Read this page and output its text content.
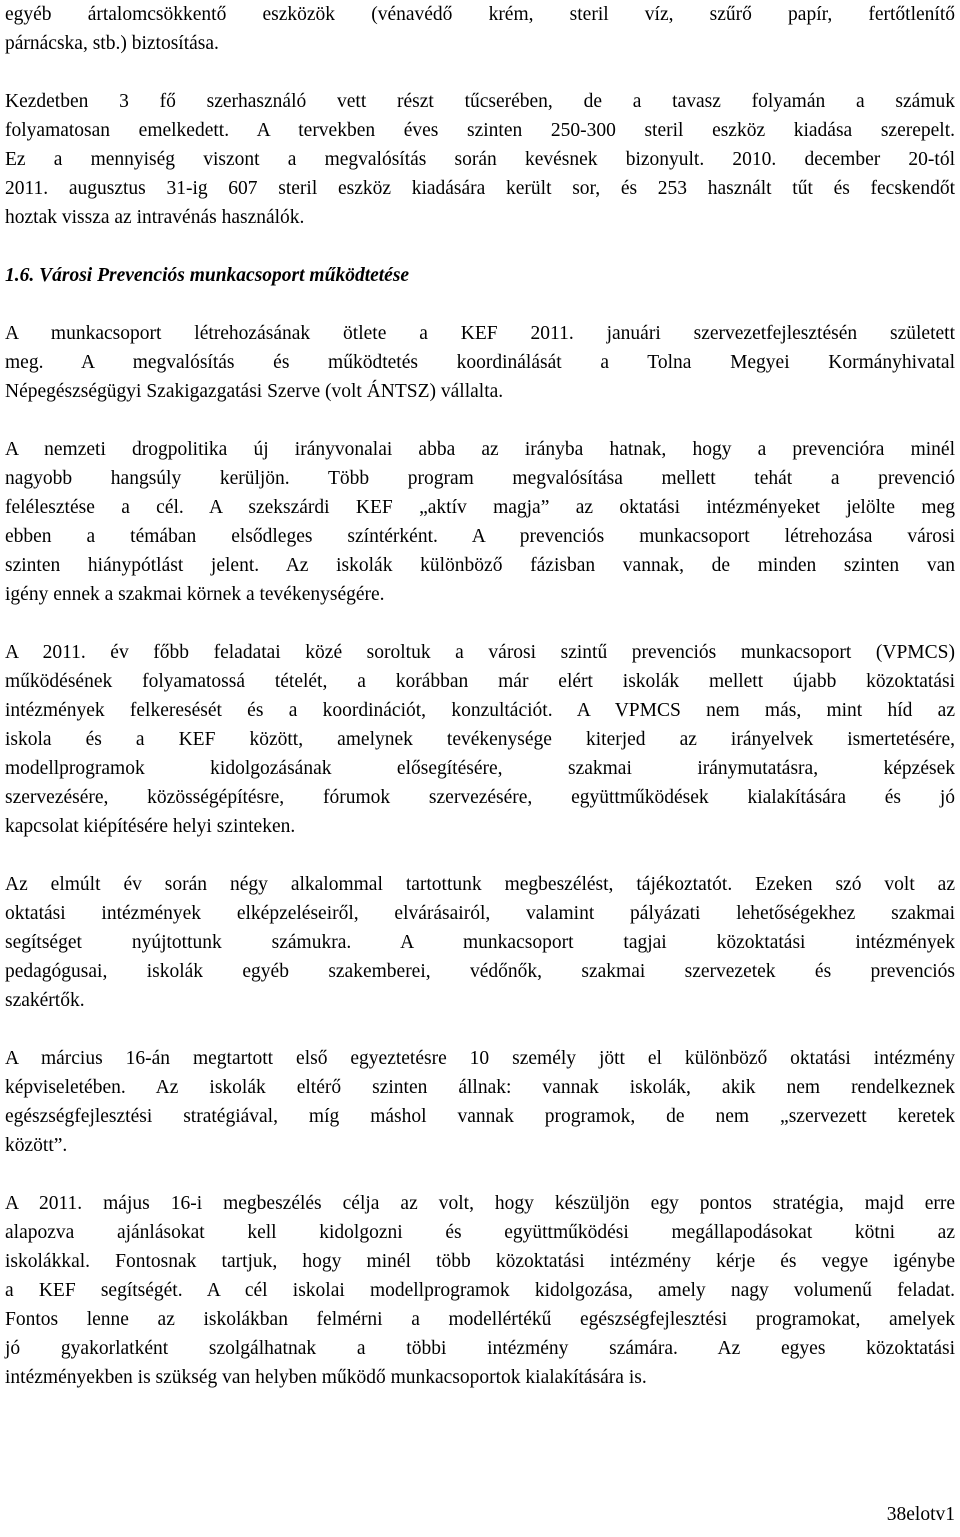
egyéb ártalomcsökkentő eszközök (vénavédő krém, steril víz, szűrő papír, fertőtlenítő
párnácska, stb.) biztosítása.

Kezdetben 3 fő szerhasználó vett részt tűcserében, de a tavasz folyamán a számuk
folyamatosan emelkedett. A tervekben éves szinten 250-300 steril eszköz kiadása szerepelt.
Ez a mennyiség viszont a megvalósítás során kevésnek bizonyult. 2010. december 20-tól
2011. augusztus 31-ig 607 steril eszköz kiadására került sor, és 253 használt tűt és fecskendőt
hoztak vissza az intravénás használók.

1.6. Városi Prevenciós munkacsoport működtetése

A munkacsoport létrehozásának ötlete a KEF 2011. januári szervezetfejlesztésén született
meg. A megvalósítás és működtetés koordinálását a Tolna Megyei Kormányhivatal
Népegészségügyi Szakigazgatási Szerve (volt ÁNTSZ) vállalta.

A nemzeti drogpolitika új irányvonalai abba az irányba hatnak, hogy a prevencióra minél
nagyobb hangsúly kerüljön. Több program megvalósítása mellett tehát a prevenció
felélesztése a cél. A szekszárdi KEF „aktív magja” az oktatási intézményeket jelölte meg
ebben a témában elsődleges színtérként. A prevenciós munkacsoport létrehozása városi
szinten hiánypótlást jelent. Az iskolák különböző fázisban vannak, de minden szinten van
igény ennek a szakmai körnek a tevékenységére.

A 2011. év főbb feladatai közé soroltuk a városi szintű prevenciós munkacsoport (VPMCS)
működésének folyamatossá tételét, a korábban már elért iskolák mellett újabb közoktatási
intézmények felkeresését és a koordinációt, konzultációt. A VPMCS nem más, mint híd az
iskola és a KEF között, amelynek tevékenysége kiterjed az irányelvek ismertetésére,
modellprogramok kidolgozásának elősegítésére, szakmai iránymutatásra, képzések
szervezésére, közösségépítésre, fórumok szervezésére, együttműködések kialakítására és jó
kapcsolat kiépítésére helyi szinteken.

Az elmúlt év során négy alkalommal tartottunk megbeszélést, tájékoztatót. Ezeken szó volt az
oktatási intézmények elképzeléseiről, elvárásairól, valamint pályázati lehetőségekhez szakmai
segítséget nyújtottunk számukra. A munkacsoport tagjai közoktatási intézmények
pedagógusai, iskolák egyéb szakemberei, védőnők, szakmai szervezetek és prevenciós
szakértők.

A március 16-án megtartott első egyeztetésre 10 személy jött el különböző oktatási intézmény
képviseletében. Az iskolák eltérő szinten állnak: vannak iskolák, akik nem rendelkeznek
egészségfejlesztési stratégiával, míg máshol vannak programok, de nem „szervezett keretek
között”.

A 2011. május 16-i megbeszélés célja az volt, hogy készüljön egy pontos stratégia, majd erre
alapozva ajánlásokat kell kidolgozni és együttműködési megállapodásokat kötni az
iskolákkal. Fontosnak tartjuk, hogy minél több közoktatási intézmény kérje és vegye igénybe
a KEF segítségét. A cél iskolai modellprogramok kidolgozása, amely nagy volumenű feladat.
Fontos lenne az iskolákban felmérni a modellértékű egészségfejlesztési programokat, amelyek
jó gyakorlatként szolgálhatnak a többi intézmény számára. Az egyes közoktatási
intézményekben is szükség van helyben működő munkacsoportok kialakítására is.

38elotv1
